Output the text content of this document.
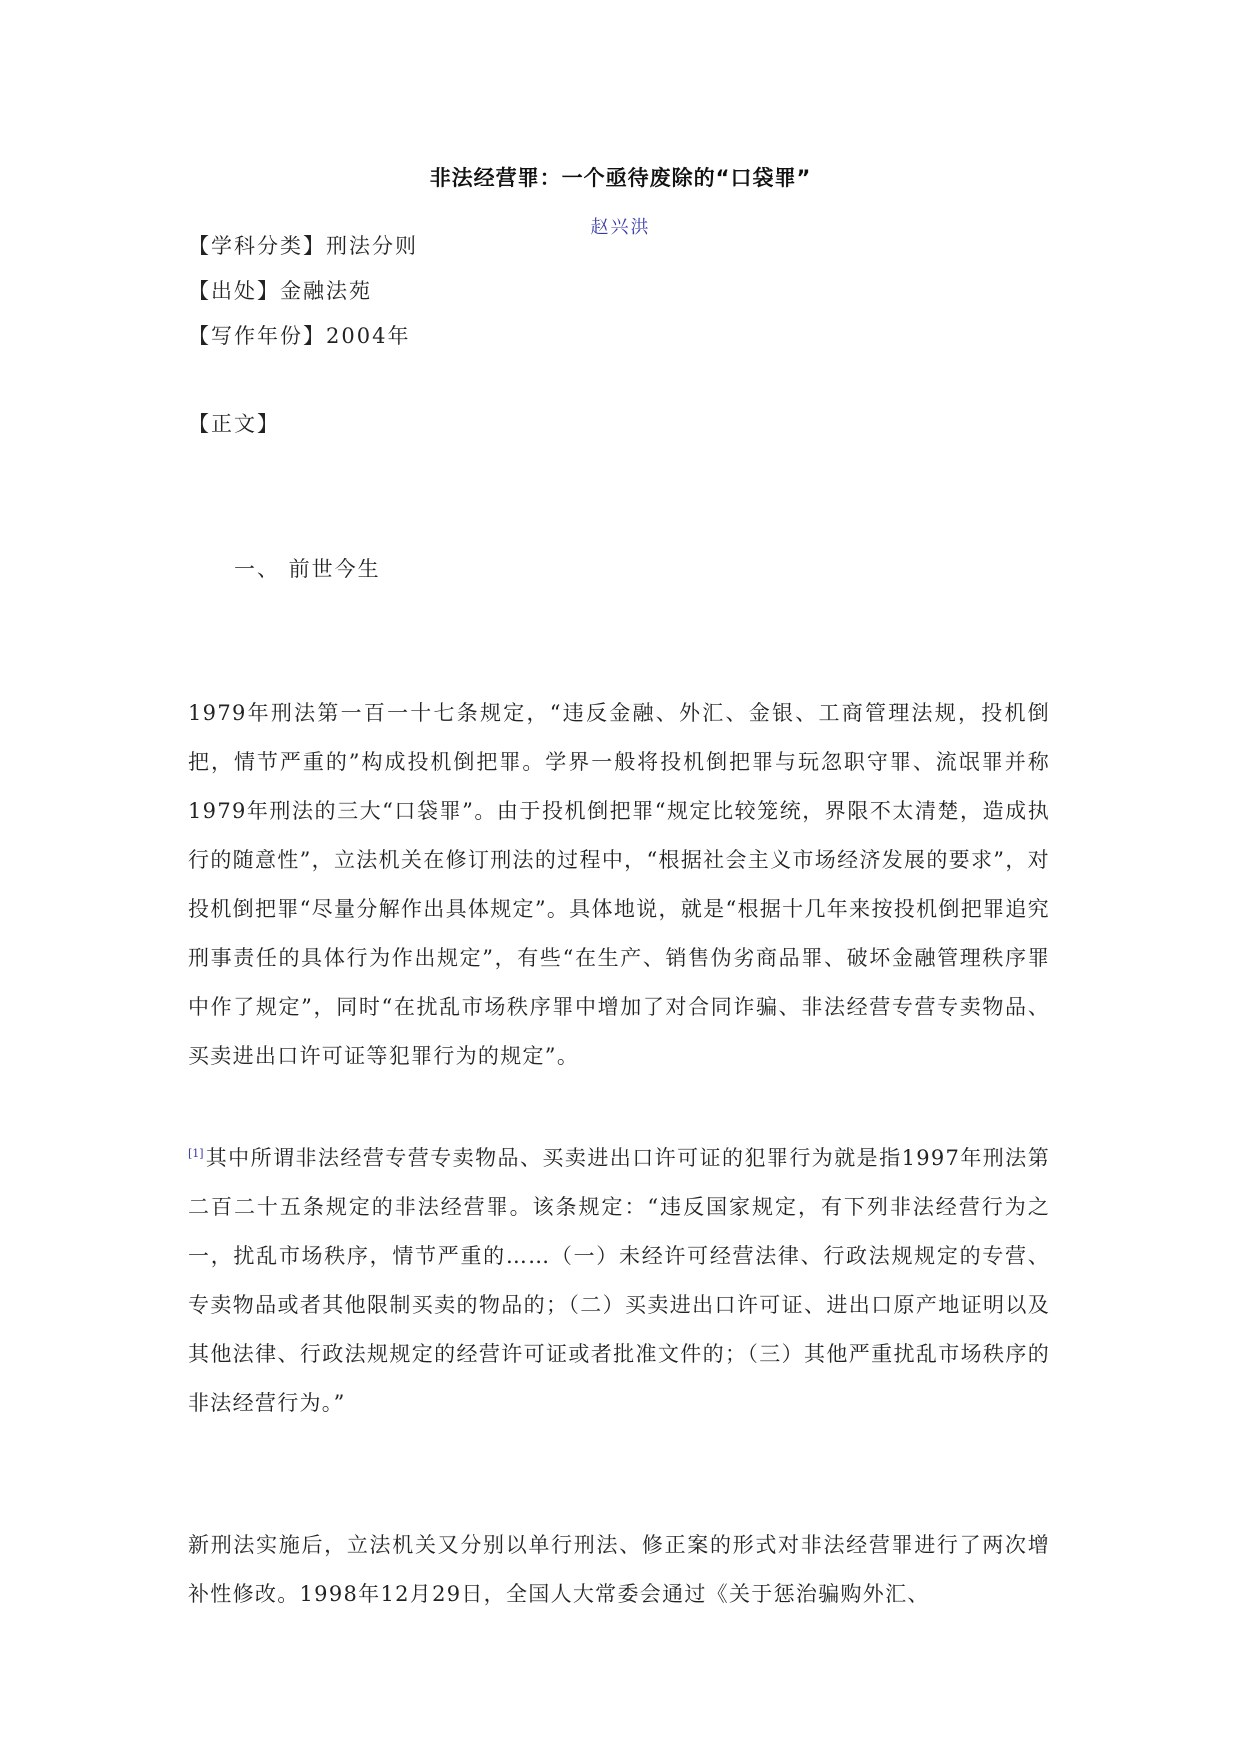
非法经营罪：一个亟待废除的“口袋罪”
赵兴洪
【学科分类】刑法分则
【出处】金融法苑
【写作年份】2004年
【正文】
一、 前世今生
1979年刑法第一百一十七条规定，“违反金融、外汇、金银、工商管理法规，投机倒把，情节严重的”构成投机倒把罪。学界一般将投机倒把罪与玩忽职守罪、流氓罪并称1979年刑法的三大“口袋罪”。由于投机倒把罪“规定比较笼统，界限不太清楚，造成执行的随意性”，立法机关在修订刑法的过程中，“根据社会主义市场经济发展的要求”，对投机倒把罪“尽量分解作出具体规定”。具体地说，就是“根据十几年来按投机倒把罪追究刑事责任的具体行为作出规定”，有些“在生产、销售伪劣商品罪、破坏金融管理秩序罪中作了规定”，同时“在扰乱市场秩序罪中增加了对合同诈骗、非法经营专营专卖物品、买卖进出口许可证等犯罪行为的规定”。
[1]其中所谓非法经营专营专卖物品、买卖进出口许可证的犯罪行为就是指1997年刑法第二百二十五条规定的非法经营罪。该条规定：“违反国家规定，有下列非法经营行为之一，扰乱市场秩序，情节严重的……（一）未经许可经营法律、行政法规规定的专营、专卖物品或者其他限制买卖的物品的；（二）买卖进出口许可证、进出口原产地证明以及其他法律、行政法规规定的经营许可证或者批准文件的；（三）其他严重扰乱市场秩序的非法经营行为。”
新刑法实施后，立法机关又分别以单行刑法、修正案的形式对非法经营罪进行了两次增补性修改。1998年12月29日，全国人大常委会通过《关于惩治骗购外汇、
